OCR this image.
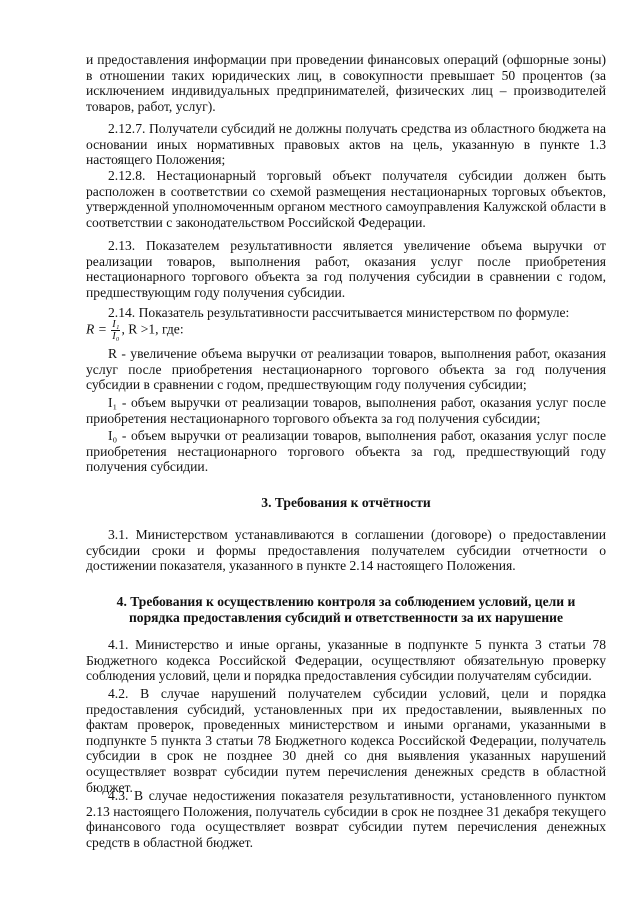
и предоставления информации при проведении финансовых операций (офшорные зоны) в отношении таких юридических лиц, в совокупности превышает 50 процентов (за исключением индивидуальных предпринимателей, физических лиц – производителей товаров, работ, услуг).
2.12.7. Получатели субсидий не должны получать средства из областного бюджета на основании иных нормативных правовых актов на цель, указанную в пункте 1.3 настоящего Положения;
2.12.8. Нестационарный торговый объект получателя субсидии должен быть расположен в соответствии со схемой размещения нестационарных торговых объектов, утвержденной уполномоченным органом местного самоуправления Калужской области в соответствии с законодательством Российской Федерации.
2.13. Показателем результативности является увеличение объема выручки от реализации товаров, выполнения работ, оказания услуг после приобретения нестационарного торгового объекта за год получения субсидии в сравнении с годом, предшествующим году получения субсидии.
2.14. Показатель результативности рассчитывается министерством по формуле:
$R = \frac{\text{I₁}}{\text{I₀}}$ , R >1, где:
R - увеличение объема выручки от реализации товаров, выполнения работ, оказания услуг после приобретения нестационарного торгового объекта за год получения субсидии в сравнении с годом, предшествующим году получения субсидии;
I₁ - объем выручки от реализации товаров, выполнения работ, оказания услуг после приобретения нестационарного торгового объекта за год получения субсидии;
I₀ - объем выручки от реализации товаров, выполнения работ, оказания услуг после приобретения нестационарного торгового объекта за год, предшествующий году получения субсидии.
3. Требования к отчётности
3.1. Министерством устанавливаются в соглашении (договоре) о предоставлении субсидии сроки и формы предоставления получателем субсидии отчетности о достижении показателя, указанного в пункте 2.14 настоящего Положения.
4. Требования к осуществлению контроля за соблюдением условий, цели и порядка предоставления субсидий и ответственности за их нарушение
4.1. Министерство и иные органы, указанные в подпункте 5 пункта 3 статьи 78 Бюджетного кодекса Российской Федерации, осуществляют обязательную проверку соблюдения условий, цели и порядка предоставления субсидии получателям субсидии.
4.2. В случае нарушений получателем субсидии условий, цели и порядка предоставления субсидий, установленных при их предоставлении, выявленных по фактам проверок, проведенных министерством и иными органами, указанными в подпункте 5 пункта 3 статьи 78 Бюджетного кодекса Российской Федерации, получатель субсидии в срок не позднее 30 дней со дня выявления указанных нарушений осуществляет возврат субсидии путем перечисления денежных средств в областной бюджет.
4.3. В случае недостижения показателя результативности, установленного пунктом 2.13 настоящего Положения, получатель субсидии в срок не позднее 31 декабря текущего финансового года осуществляет возврат субсидии путем перечисления денежных средств в областной бюджет.
